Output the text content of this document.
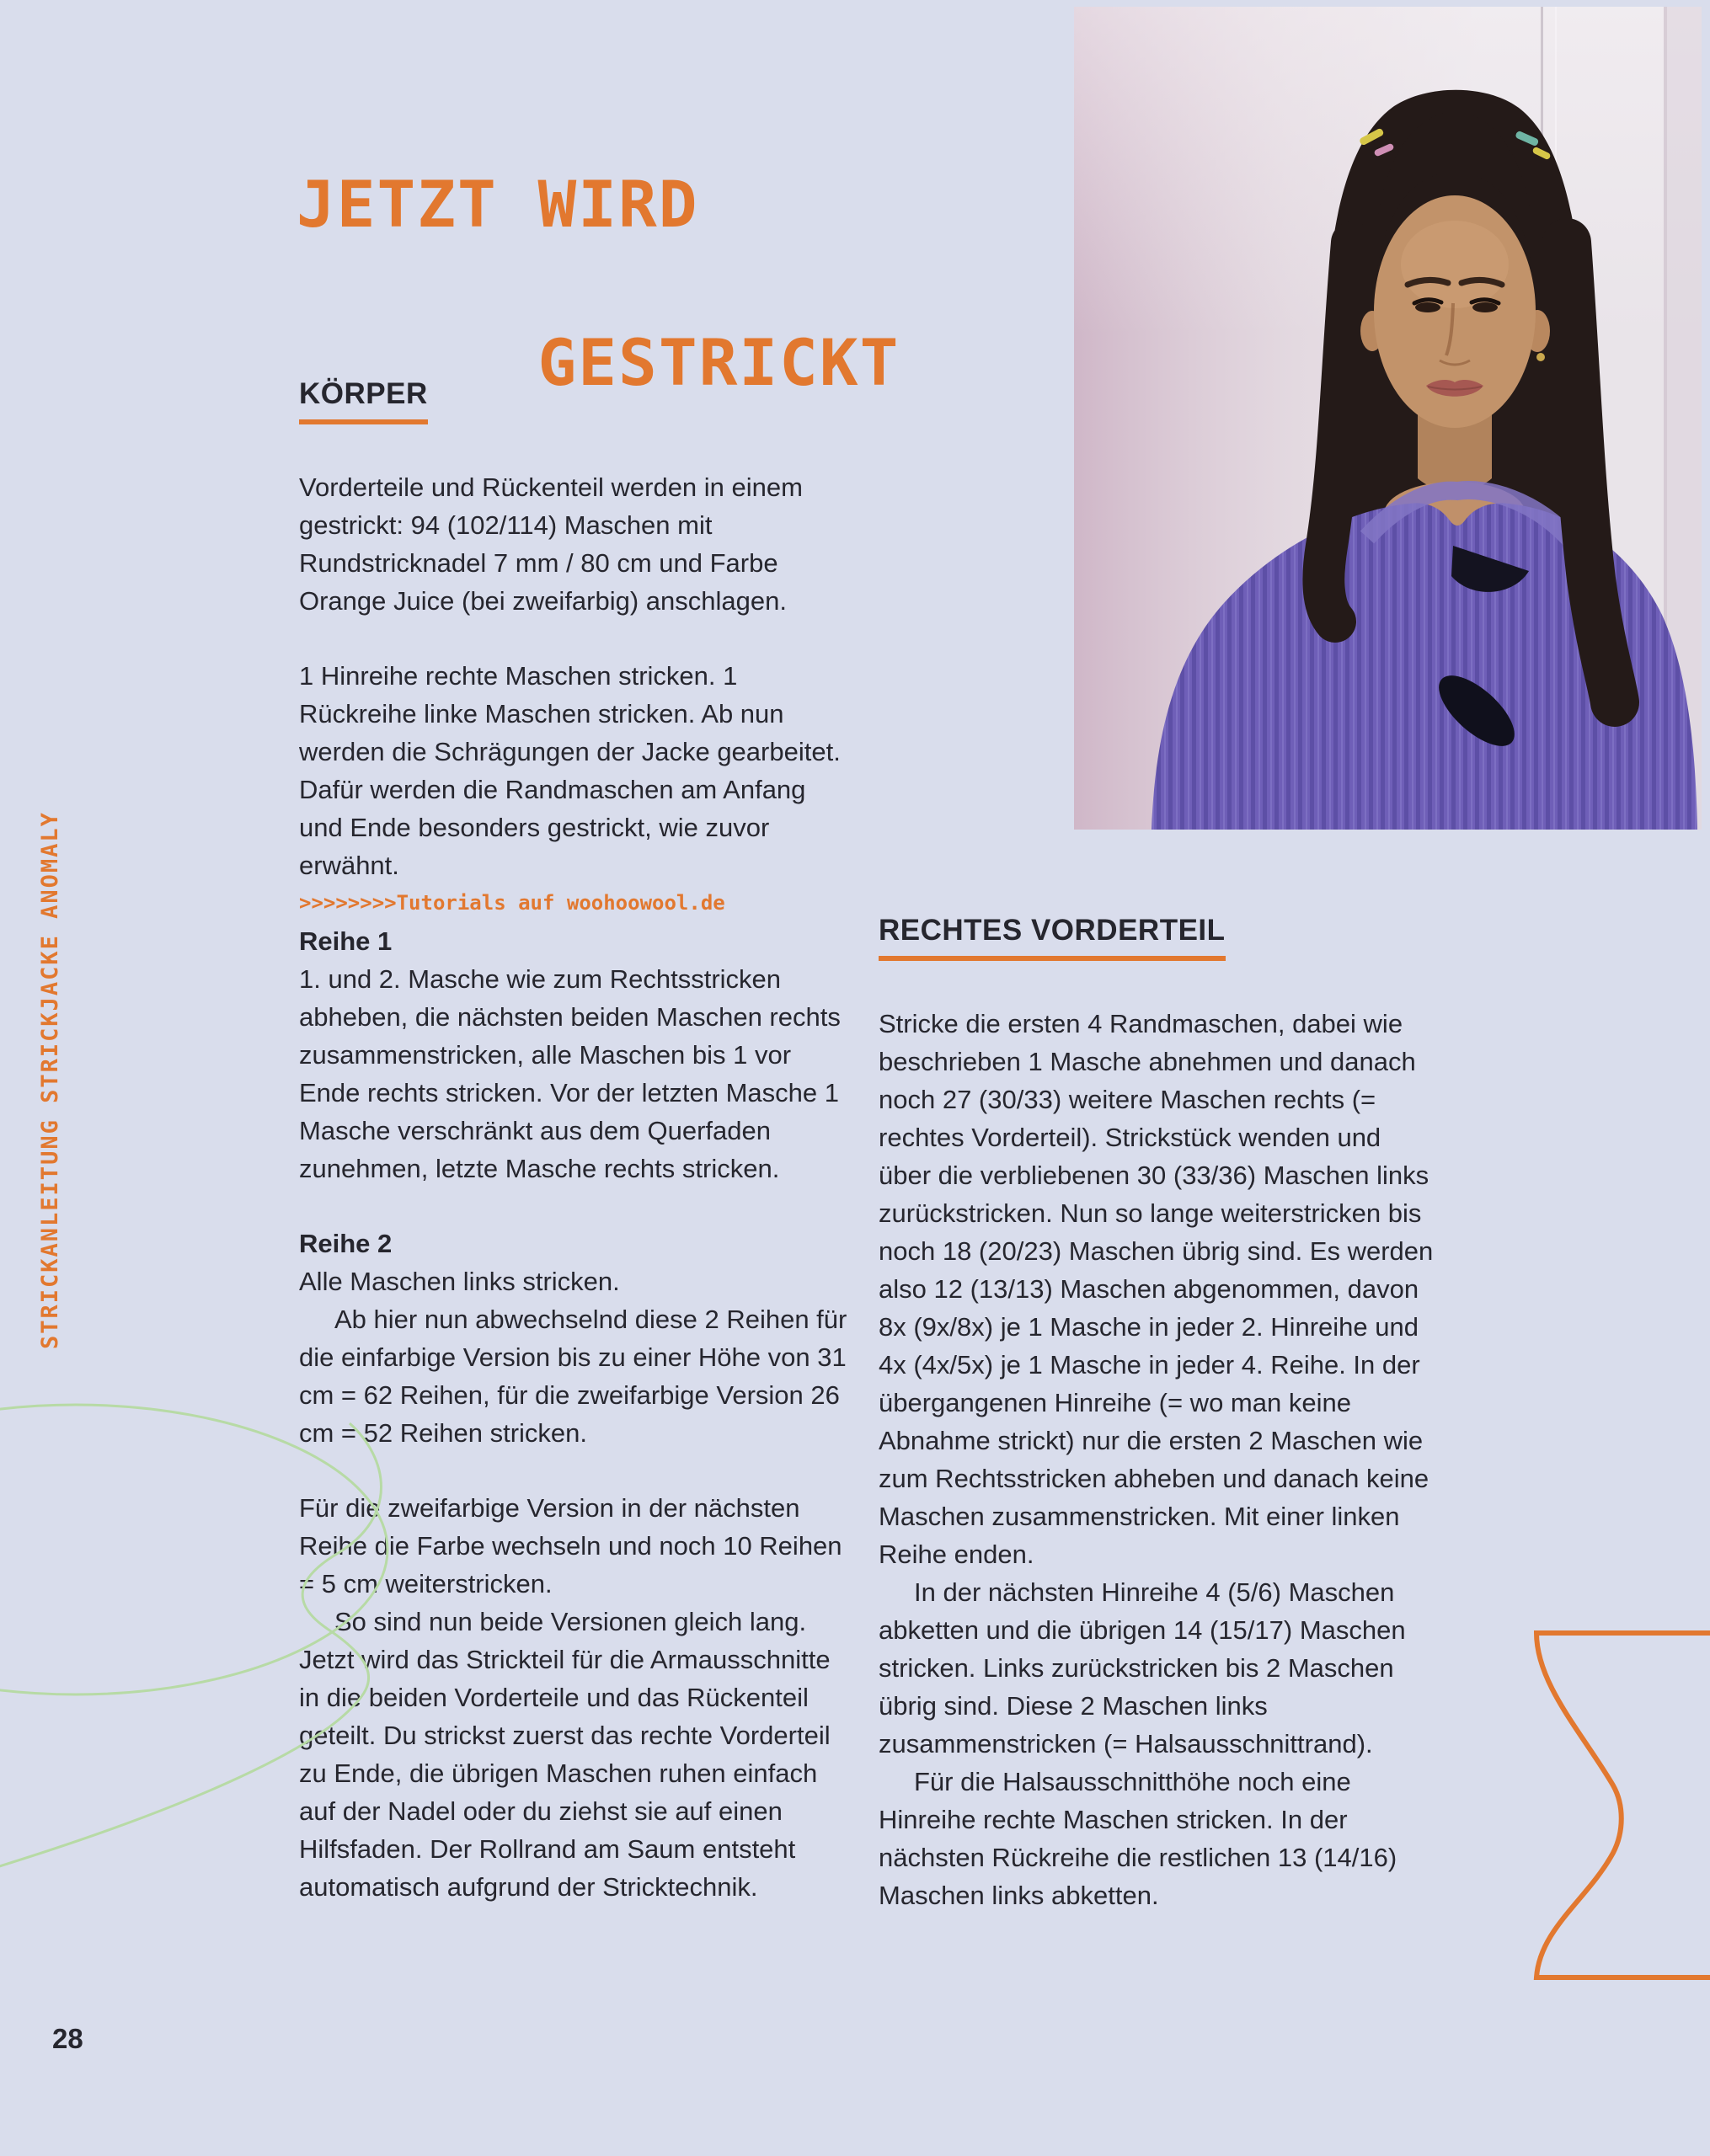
STRICKANLEITUNG STRICKJACKE ANOMALY
JETZT WIRD

GESTRICKT

KÖRPER

Vorderteile und Rückenteil werden in einem gestrickt: 94 (102/114) Maschen mit Rundstricknadel 7 mm / 80 cm und Farbe Orange Juice (bei zweifarbig) anschlagen.

1 Hinreihe rechte Maschen stricken. 1 Rückreihe linke Maschen stricken. Ab nun werden die Schrägungen der Jacke gearbeitet. Dafür werden die Randmaschen am Anfang und Ende besonders gestrickt, wie zuvor erwähnt.

>>>>>>>>Tutorials auf woohoowool.de

Reihe 1

1. und 2. Masche wie zum Rechtsstricken abheben, die nächsten beiden Maschen rechts zusammenstricken, alle Maschen bis 1 vor Ende rechts stricken. Vor der letzten Masche 1 Masche verschränkt aus dem Querfaden zunehmen, letzte Masche rechts stricken.

Reihe 2

Alle Maschen links stricken.

Ab hier nun abwechselnd diese 2 Reihen für die einfarbige Version bis zu einer Höhe von 31 cm = 62 Reihen, für die zweifarbige Version 26 cm = 52 Reihen stricken.

Für die zweifarbige Version in der nächsten Reihe die Farbe wechseln und noch 10 Reihen = 5 cm weiterstricken.

So sind nun beide Versionen gleich lang. Jetzt wird das Strickteil für die Armausschnitte in die beiden Vorderteile und das Rückenteil geteilt. Du strickst zuerst das rechte Vorderteil zu Ende, die übrigen Maschen ruhen einfach auf der Nadel oder du ziehst sie auf einen Hilfsfaden. Der Rollrand am Saum entsteht automatisch aufgrund der Stricktechnik.

RECHTES VORDERTEIL

Stricke die ersten 4 Randmaschen, dabei wie beschrieben 1 Masche abnehmen und danach noch 27 (30/33) weitere Maschen rechts (= rechtes Vorderteil). Strickstück wenden und über die verbliebenen 30 (33/36) Maschen links zurückstricken. Nun so lange weiterstricken bis noch 18 (20/23) Maschen übrig sind. Es werden also 12 (13/13) Maschen abgenommen, davon 8x (9x/8x) je 1 Masche in jeder 2. Hinreihe und 4x (4x/5x) je 1 Masche in jeder 4. Reihe. In der übergangenen Hinreihe (= wo man keine Abnahme strickt) nur die ersten 2 Maschen wie zum Rechtsstricken abheben und danach keine Maschen zusammenstricken. Mit einer linken Reihe enden.

In der nächsten Hinreihe 4 (5/6) Maschen abketten und die übrigen 14 (15/17) Maschen stricken. Links zurückstricken bis 2 Maschen übrig sind. Diese 2 Maschen links zusammenstricken (= Halsausschnittrand).

Für die Halsausschnitthöhe noch eine Hinreihe rechte Maschen stricken. In der nächsten Rückreihe die restlichen 13 (14/16) Maschen links abketten.

28
